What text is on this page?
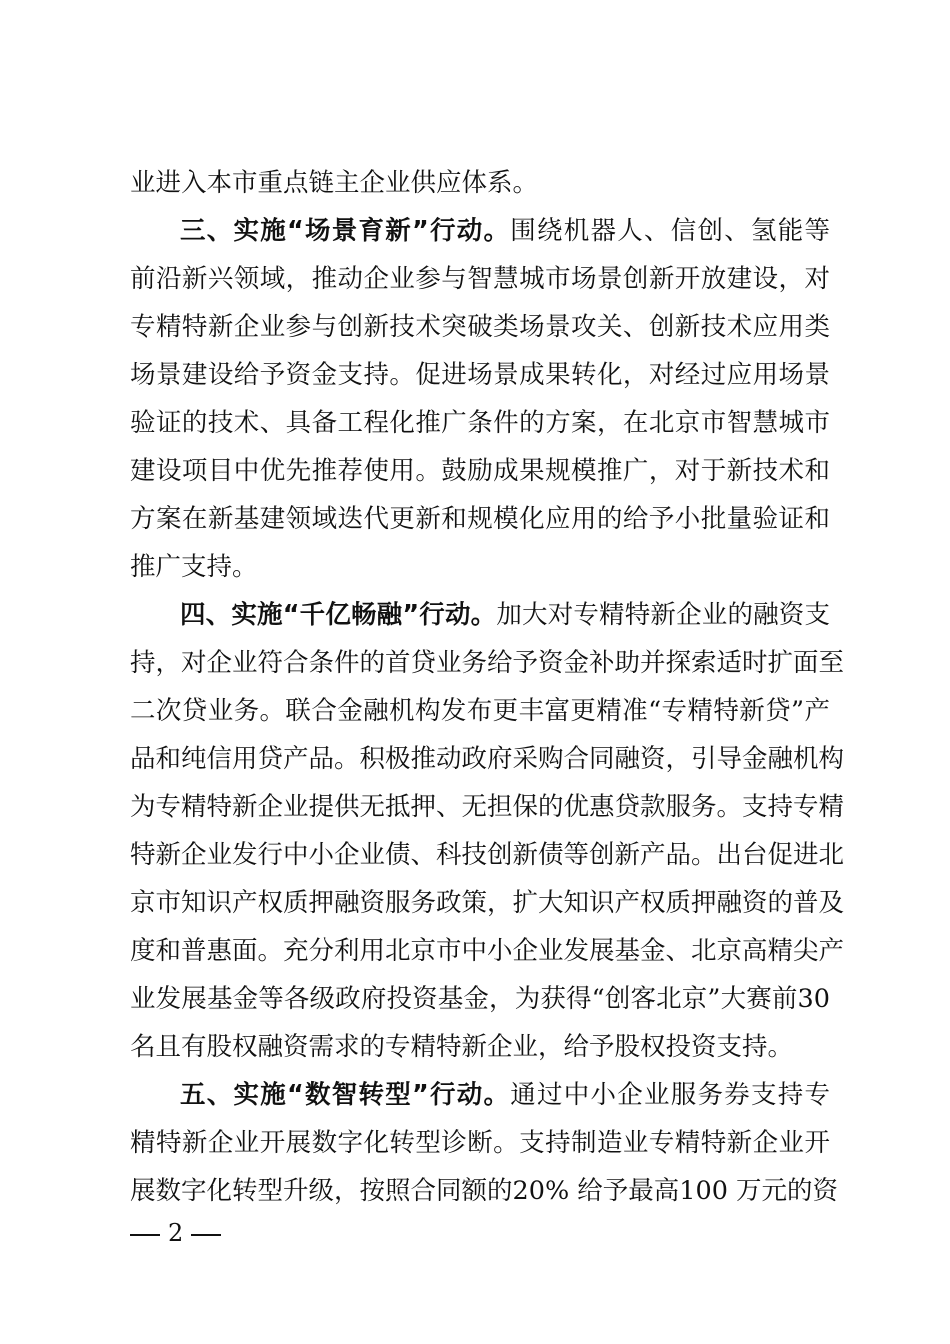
业进入本市重点链主企业供应体系。
三、实施“场景育新”行动。围绕机器人、信创、氢能等
前沿新兴领域，推动企业参与智慧城市场景创新开放建设，对
专精特新企业参与创新技术突破类场景攻关、创新技术应用类
场景建设给予资金支持。促进场景成果转化，对经过应用场景
验证的技术、具备工程化推广条件的方案，在北京市智慧城市
建设项目中优先推荐使用。鼓励成果规模推广，对于新技术和
方案在新基建领域迭代更新和规模化应用的给予小批量验证和
推广支持。
四、实施“千亿畅融”行动。加大对专精特新企业的融资支
持，对企业符合条件的首贷业务给予资金补助并探索适时扩面至
二次贷业务。联合金融机构发布更丰富更精准“专精特新贷”产
品和纯信用贷产品。积极推动政府采购合同融资，引导金融机构
为专精特新企业提供无抵押、无担保的优惠贷款服务。支持专精
特新企业发行中小企业债、科技创新债等创新产品。出台促进北
京市知识产权质押融资服务政策，扩大知识产权质押融资的普及
度和普惠面。充分利用北京市中小企业发展基金、北京高精尖产
业发展基金等各级政府投资基金，为获得“创客北京”大赛前30
名且有股权融资需求的专精特新企业，给予股权投资支持。
五、实施“数智转型”行动。通过中小企业服务券支持专
精特新企业开展数字化转型诊断。支持制造业专精特新企业开
展数字化转型升级，按照合同额的20% 给予最高100 万元的资
2
